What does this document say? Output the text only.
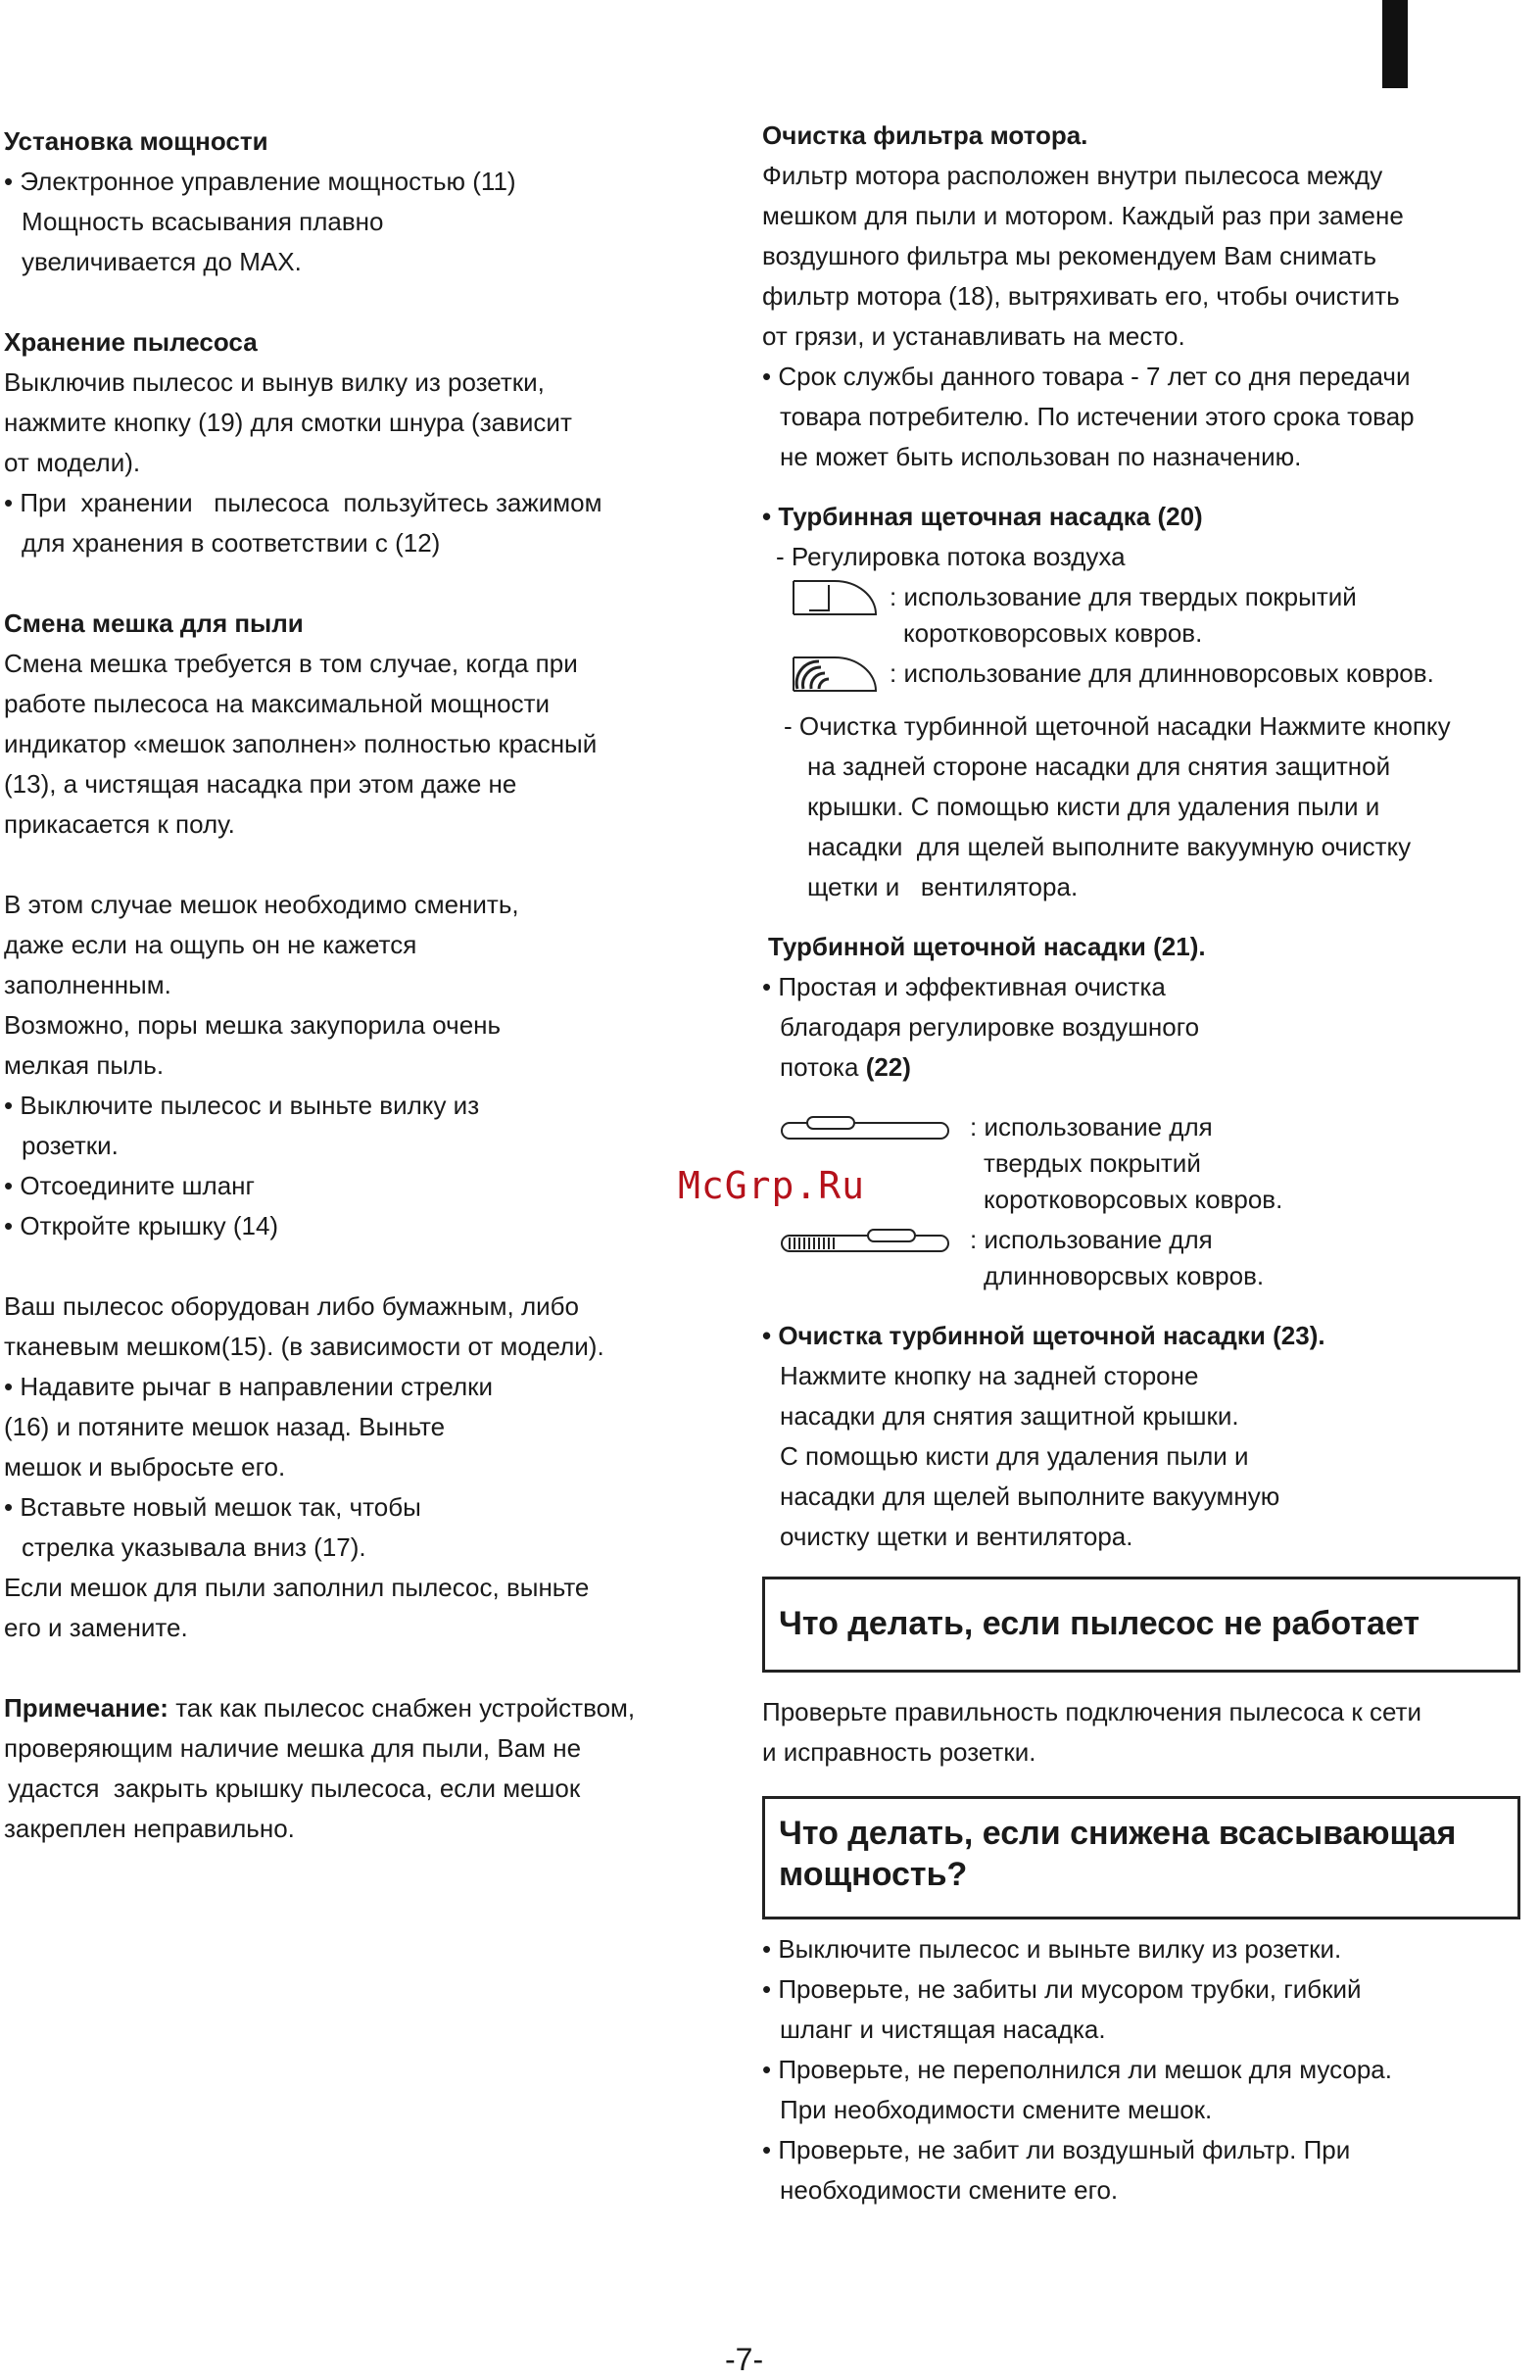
Установка мощности
• Электронное управление мощностью (11)
Мощность всасывания плавно
увеличивается до MAX.
Хранение пылесоса
Выключив пылесос и вынув вилку из розетки,
нажмите кнопку (19) для смотки шнура (зависит
от модели).
• При  хранении   пылесоса  пользуйтесь зажимом
для хранения в соответствии с (12)
Смена мешка для пыли
Смена мешка требуется в том случае, когда при
работе пылесоса на максимальной мощности
индикатор «мешок заполнен» полностью красный
(13), а чистящая насадка при этом даже не
прикасается к полу.
В этом случае мешок необходимо сменить,
даже если на ощупь он не кажется
заполненным.
Возможно, поры мешка закупорила очень
мелкая пыль.
• Выключите пылесос и выньте вилку из
розетки.
• Отсоедините шланг
• Откройте крышку (14)
Ваш пылесос оборудован либо бумажным, либо
тканевым мешком(15). (в зависимости от модели).
• Надавите рычаг в направлении стрелки
(16) и потяните мешок назад. Выньте
мешок и выбросьте его.
• Вставьте новый мешок так, чтобы
стрелка указывала вниз (17).
Если мешок для пыли заполнил пылесос, выньте
его и замените.
Примечание: так как пылесос снабжен устройством,
проверяющим наличие мешка для пыли, Вам не
удастся  закрыть крышку пылесоса, если мешок
закреплен неправильно.
Очистка фильтра мотора.
Фильтр мотора расположен внутри пылесоса между
мешком для пыли и мотором. Каждый раз при замене
воздушного фильтра мы рекомендуем Вам снимать
фильтр мотора (18), вытряхивать его, чтобы очистить
от грязи, и устанавливать на место.
• Срок службы данного товара - 7 лет со дня передачи
товара потребителю. По истечении этого срока товар
не может быть использован по назначению.
• Турбинная щеточная насадка (20)
- Регулировка потока воздуха
: использование для твердых покрытий
коротковорсовых ковров.
: использование для длинноворсовых ковров.
- Очистка турбинной щеточной насадки Нажмите кнопку
на задней стороне насадки для снятия защитной
крышки. С помощью кисти для удаления пыли и
насадки  для щелей выполните вакуумную очистку
щетки и   вентилятора.
Турбинной щеточной насадки (21).
• Простая и эффективная очистка
благодаря регулировке воздушного
потока (22)
: использование для
твердых покрытий
коротковорсовых ковров.
: использование для
длинноворсвых ковров.
• Очистка турбинной щеточной насадки (23).
Нажмите кнопку на задней стороне
насадки для снятия защитной крышки.
С помощью кисти для удаления пыли и
насадки для щелей выполните вакуумную
очистку щетки и вентилятора.
Что делать, если пылесос не работает
Проверьте правильность подключения пылесоса к сети
и исправность розетки.
Что делать, если снижена всасывающая
мощность?
• Выключите пылесос и выньте вилку из розетки.
• Проверьте, не забиты ли мусором трубки, гибкий
шланг и чистящая насадка.
• Проверьте, не переполнился ли мешок для мусора.
При необходимости смените мешок.
• Проверьте, не забит ли воздушный фильтр. При
необходимости смените его.
McGrp.Ru
-7-
